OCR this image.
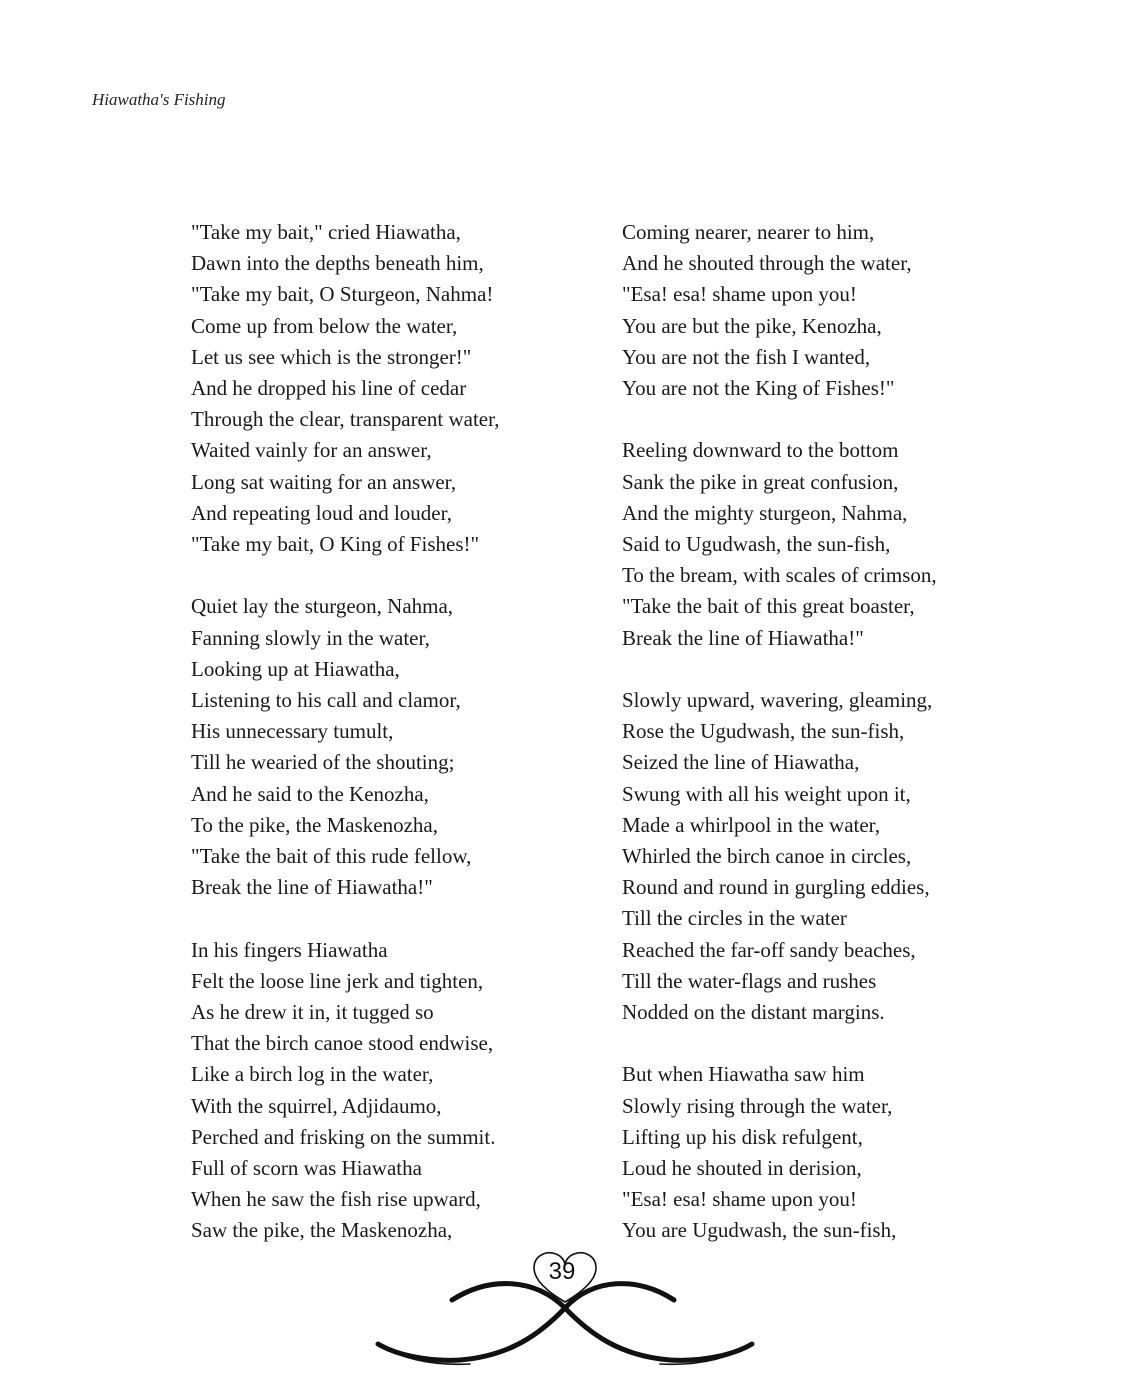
Hiawatha's Fishing
"Take my bait," cried Hiawatha,
Dawn into the depths beneath him,
"Take my bait, O Sturgeon, Nahma!
Come up from below the water,
Let us see which is the stronger!"
And he dropped his line of cedar
Through the clear, transparent water,
Waited vainly for an answer,
Long sat waiting for an answer,
And repeating loud and louder,
"Take my bait, O King of Fishes!"
Quiet lay the sturgeon, Nahma,
Fanning slowly in the water,
Looking up at Hiawatha,
Listening to his call and clamor,
His unnecessary tumult,
Till he wearied of the shouting;
And he said to the Kenozha,
To the pike, the Maskenozha,
"Take the bait of this rude fellow,
Break the line of Hiawatha!"
In his fingers Hiawatha
Felt the loose line jerk and tighten,
As he drew it in, it tugged so
That the birch canoe stood endwise,
Like a birch log in the water,
With the squirrel, Adjidaumo,
Perched and frisking on the summit.
Full of scorn was Hiawatha
When he saw the fish rise upward,
Saw the pike, the Maskenozha,
Coming nearer, nearer to him,
And he shouted through the water,
"Esa! esa! shame upon you!
You are but the pike, Kenozha,
You are not the fish I wanted,
You are not the King of Fishes!"
Reeling downward to the bottom
Sank the pike in great confusion,
And the mighty sturgeon, Nahma,
Said to Ugudwash, the sun-fish,
To the bream, with scales of crimson,
"Take the bait of this great boaster,
Break the line of Hiawatha!"
Slowly upward, wavering, gleaming,
Rose the Ugudwash, the sun-fish,
Seized the line of Hiawatha,
Swung with all his weight upon it,
Made a whirlpool in the water,
Whirled the birch canoe in circles,
Round and round in gurgling eddies,
Till the circles in the water
Reached the far-off sandy beaches,
Till the water-flags and rushes
Nodded on the distant margins.
But when Hiawatha saw him
Slowly rising through the water,
Lifting up his disk refulgent,
Loud he shouted in derision,
"Esa! esa! shame upon you!
You are Ugudwash, the sun-fish,
39
